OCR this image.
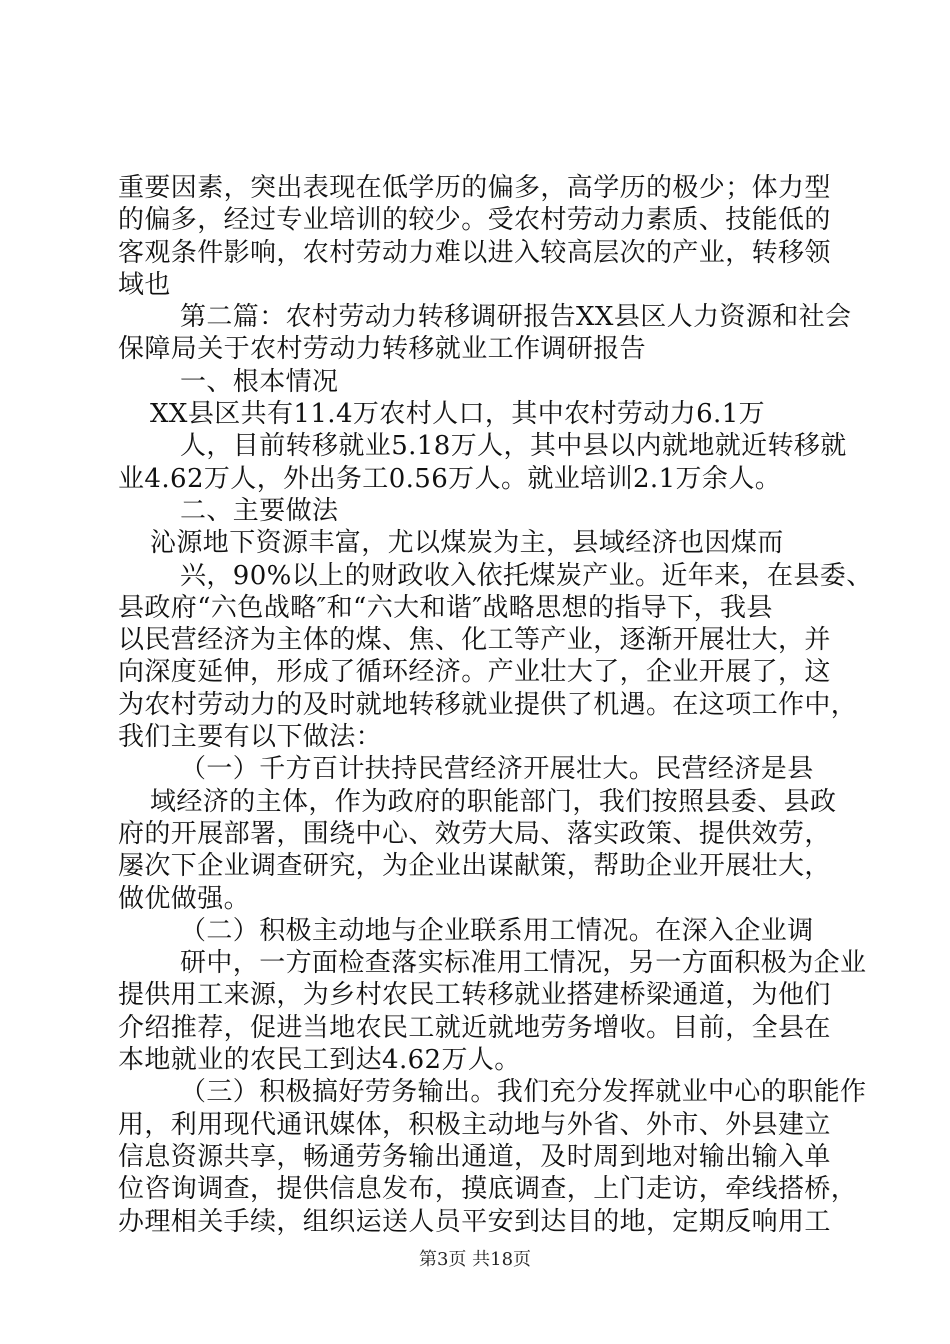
重要因素，突出表现在低学历的偏多，高学历的极少；体力型
的偏多，经过专业培训的较少。受农村劳动力素质、技能低的
客观条件影响，农村劳动力难以进入较高层次的产业，转移领
域也
第二篇：农村劳动力转移调研报告XX县区人力资源和社会
保障局关于农村劳动力转移就业工作调研报告
一、根本情况
XX县区共有11.4万农村人口，其中农村劳动力6.1万
人，目前转移就业5.18万人，其中县以内就地就近转移就
业4.62万人，外出务工0.56万人。就业培训2.1万余人。
二、主要做法
沁源地下资源丰富，尤以煤炭为主，县域经济也因煤而
兴，90%以上的财政收入依托煤炭产业。近年来，在县委、
县政府“六色战略″和“六大和谐″战略思想的指导下，我县
以民营经济为主体的煤、焦、化工等产业，逐渐开展壮大，并
向深度延伸，形成了循环经济。产业壮大了，企业开展了，这
为农村劳动力的及时就地转移就业提供了机遇。在这项工作中，
我们主要有以下做法：
（一）千方百计扶持民营经济开展壮大。民营经济是县
域经济的主体，作为政府的职能部门，我们按照县委、县政
府的开展部署，围绕中心、效劳大局、落实政策、提供效劳，
屡次下企业调查研究，为企业出谋献策，帮助企业开展壮大，
做优做强。
（二）积极主动地与企业联系用工情况。在深入企业调
研中，一方面检查落实标准用工情况，另一方面积极为企业
提供用工来源，为乡村农民工转移就业搭建桥梁通道，为他们
介绍推荐，促进当地农民工就近就地劳务增收。目前，全县在
本地就业的农民工到达4.62万人。
（三）积极搞好劳务输出。我们充分发挥就业中心的职能作
用，利用现代通讯媒体，积极主动地与外省、外市、外县建立
信息资源共享，畅通劳务输出通道，及时周到地对输出输入单
位咨询调查，提供信息发布，摸底调查，上门走访，牵线搭桥，
办理相关手续，组织运送人员平安到达目的地，定期反响用工
第3页 共18页
